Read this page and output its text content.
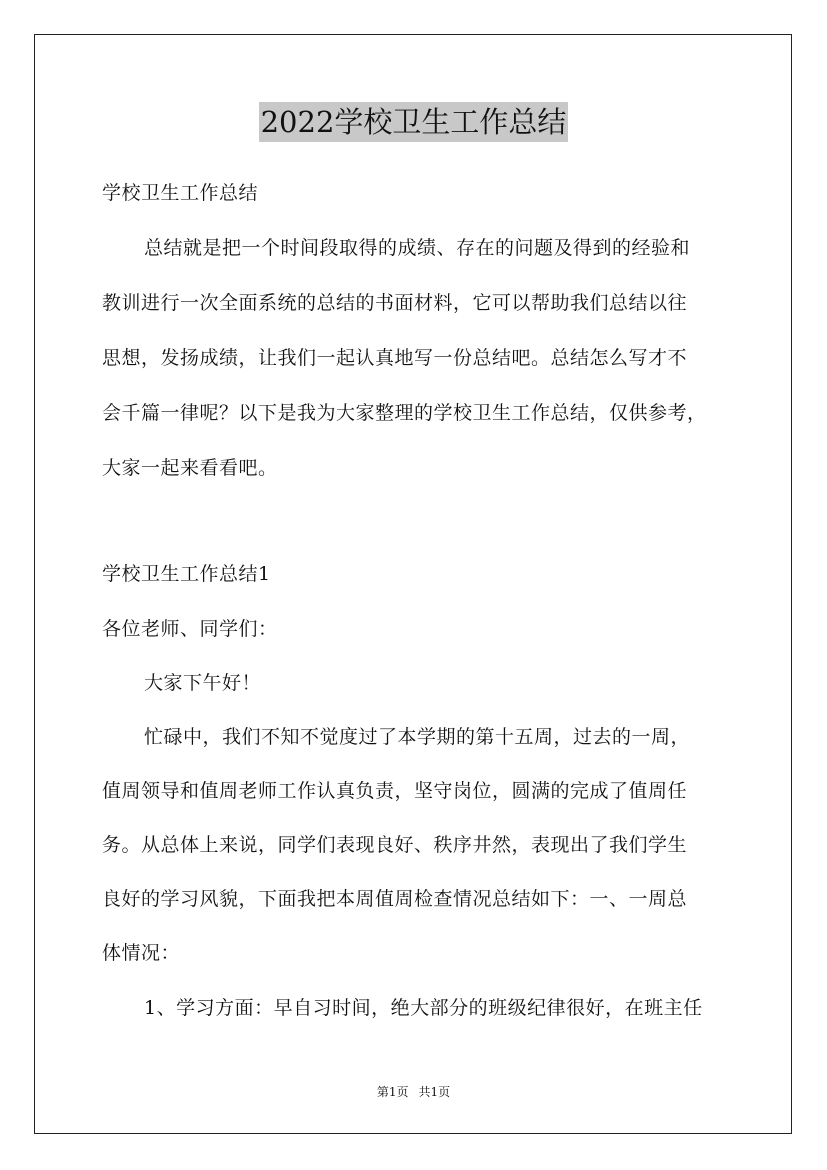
2022学校卫生工作总结
学校卫生工作总结
总结就是把一个时间段取得的成绩、存在的问题及得到的经验和
教训进行一次全面系统的总结的书面材料，它可以帮助我们总结以往
思想，发扬成绩，让我们一起认真地写一份总结吧。总结怎么写才不
会千篇一律呢？以下是我为大家整理的学校卫生工作总结，仅供参考，
大家一起来看看吧。
学校卫生工作总结1
各位老师、同学们：
大家下午好！
忙碌中，我们不知不觉度过了本学期的第十五周，过去的一周，
值周领导和值周老师工作认真负责，坚守岗位，圆满的完成了值周任
务。从总体上来说，同学们表现良好、秩序井然，表现出了我们学生
良好的学习风貌，下面我把本周值周检查情况总结如下：一、一周总
体情况：
1、学习方面：早自习时间，绝大部分的班级纪律很好，在班主任
第1页 共1页
